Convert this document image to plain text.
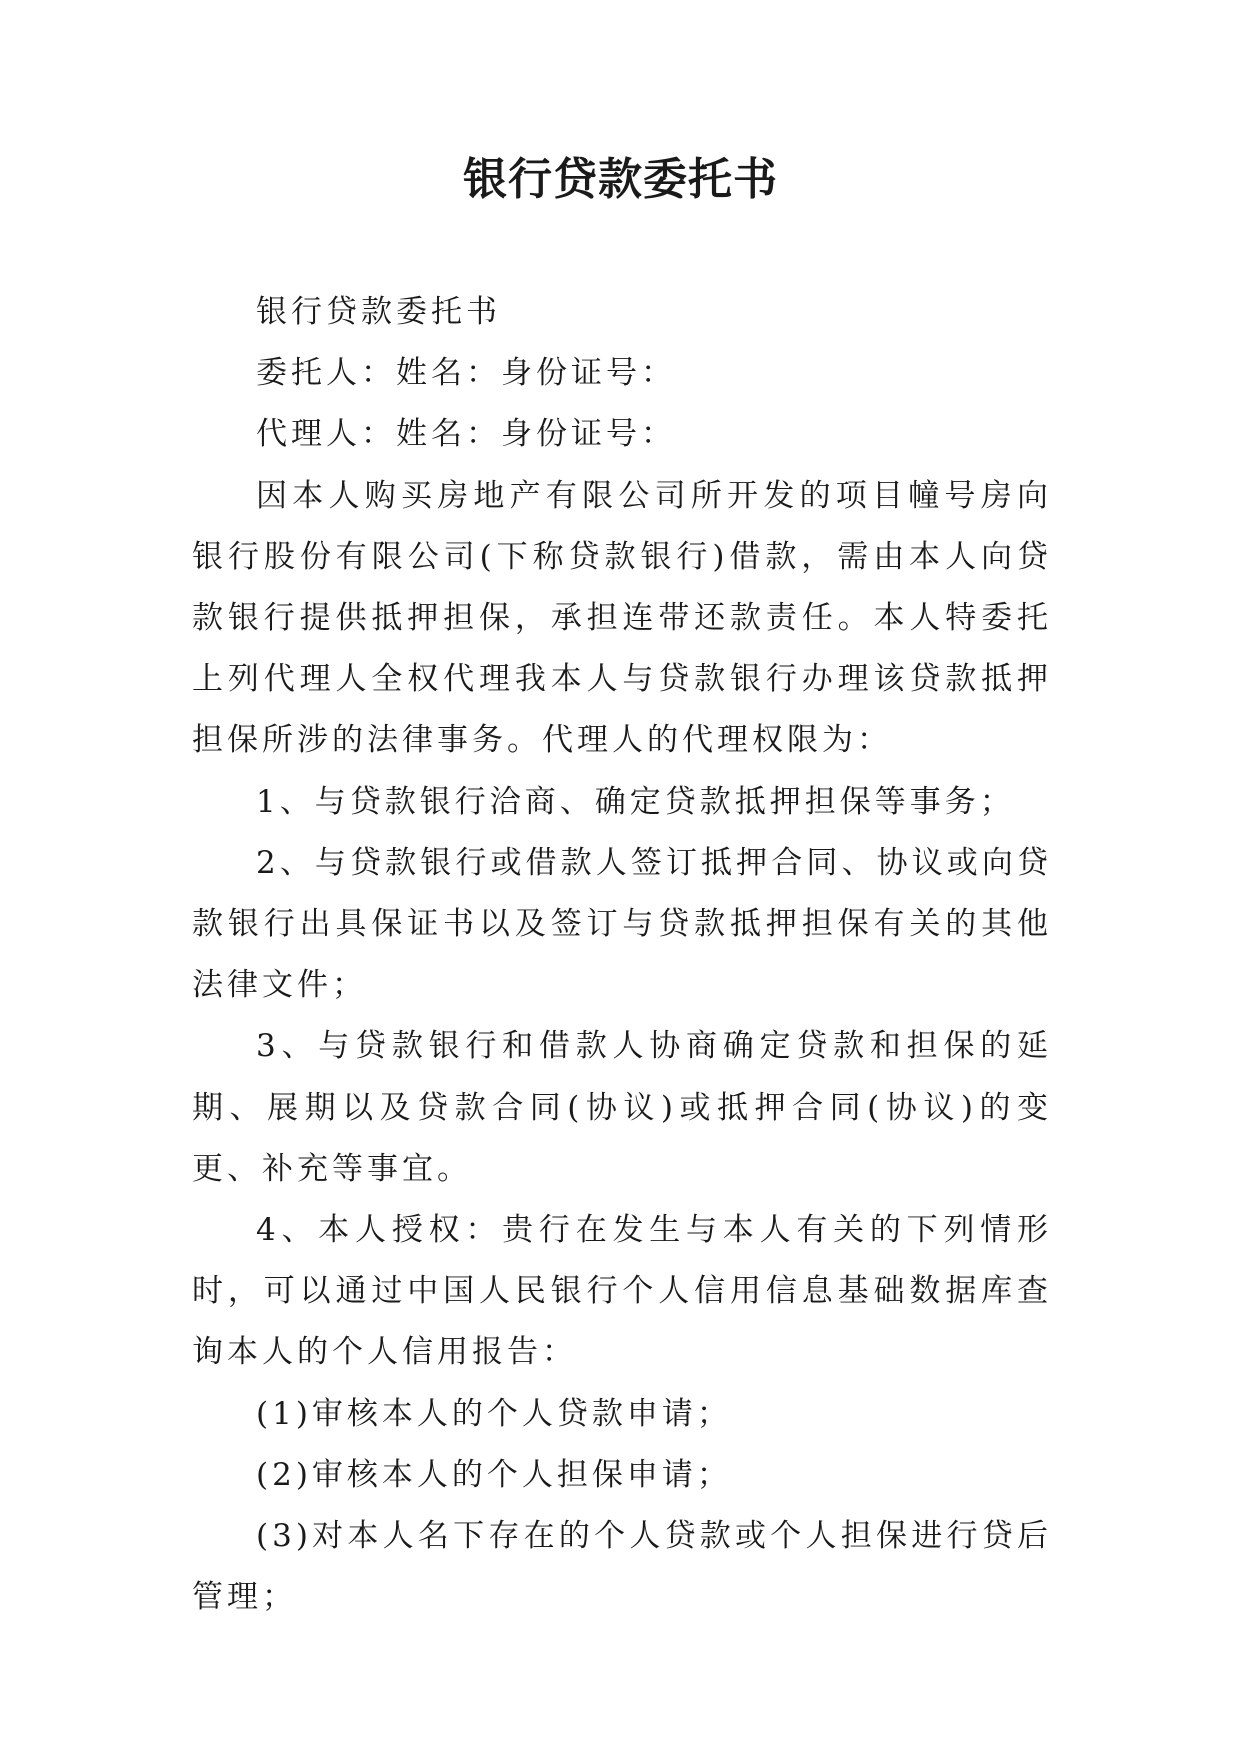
银行贷款委托书

银行贷款委托书

委托人：姓名：身份证号：

代理人：姓名：身份证号：

因本人购买房地产有限公司所开发的项目幢号房向银行股份有限公司(下称贷款银行)借款，需由本人向贷款银行提供抵押担保，承担连带还款责任。本人特委托上列代理人全权代理我本人与贷款银行办理该贷款抵押担保所涉的法律事务。代理人的代理权限为：

1、与贷款银行洽商、确定贷款抵押担保等事务；

2、与贷款银行或借款人签订抵押合同、协议或向贷款银行出具保证书以及签订与贷款抵押担保有关的其他法律文件；

3、与贷款银行和借款人协商确定贷款和担保的延期、展期以及贷款合同(协议)或抵押合同(协议)的变更、补充等事宜。

4、本人授权：贵行在发生与本人有关的下列情形时，可以通过中国人民银行个人信用信息基础数据库查询本人的个人信用报告：

(1)审核本人的个人贷款申请；

(2)审核本人的个人担保申请；

(3)对本人名下存在的个人贷款或个人担保进行贷后管理；
